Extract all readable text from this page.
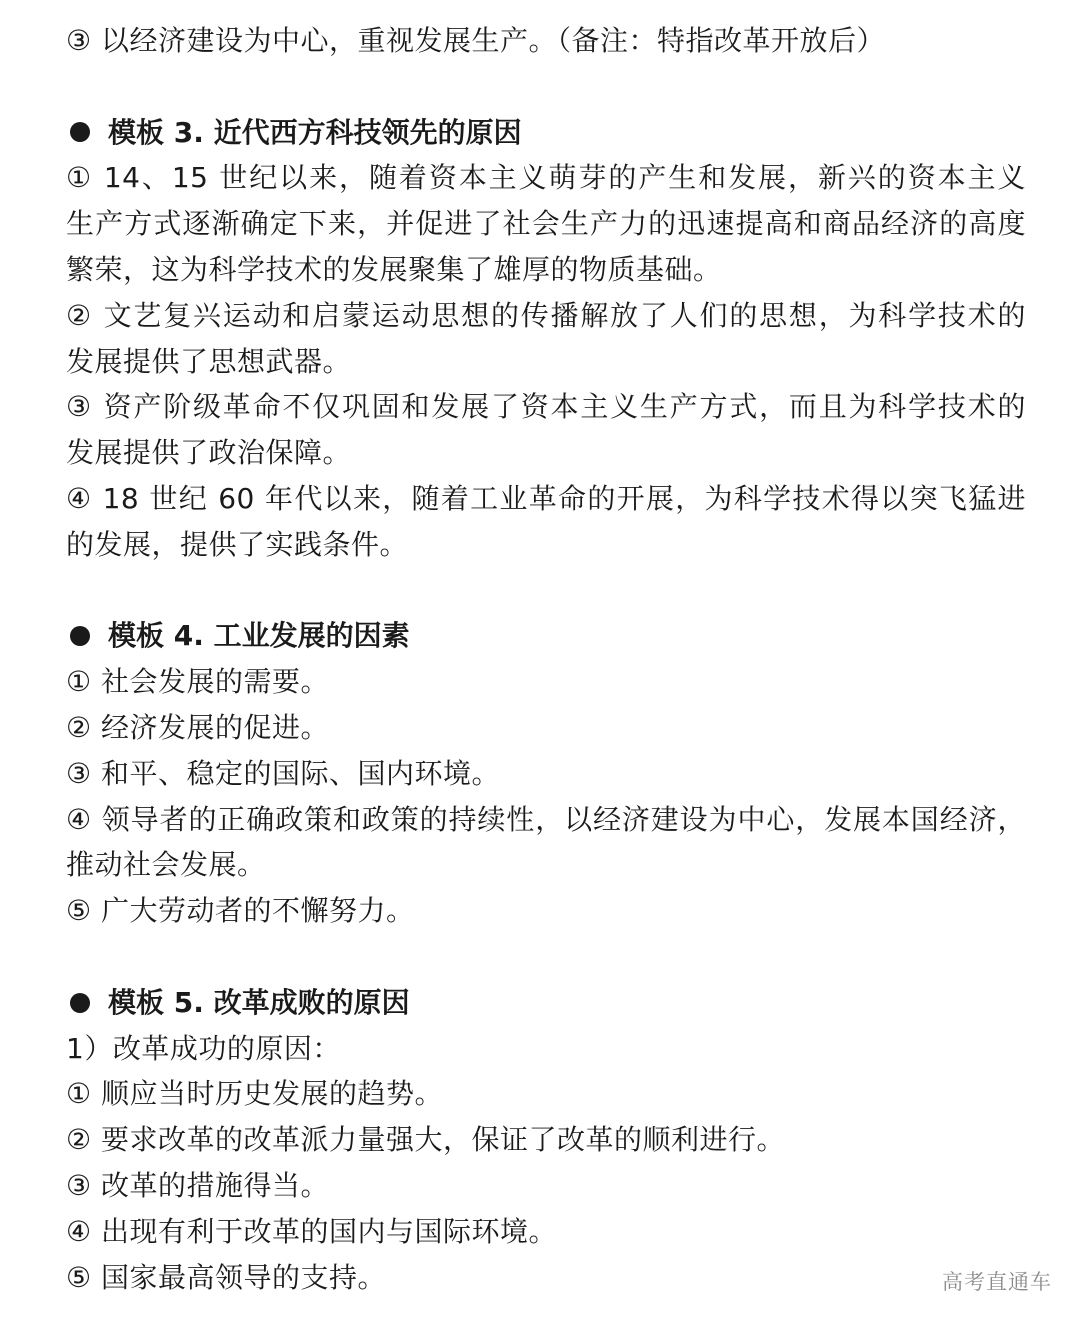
③ 以经济建设为中心，重视发展生产。（备注：特指改革开放后）
模板 3. 近代西方科技领先的原因
① 14、15 世纪以来，随着资本主义萌芽的产生和发展，新兴的资本主义
生产方式逐渐确定下来，并促进了社会生产力的迅速提高和商品经济的高度
繁荣，这为科学技术的发展聚集了雄厚的物质基础。
② 文艺复兴运动和启蒙运动思想的传播解放了人们的思想，为科学技术的
发展提供了思想武器。
③ 资产阶级革命不仅巩固和发展了资本主义生产方式，而且为科学技术的
发展提供了政治保障。
④ 18 世纪 60 年代以来，随着工业革命的开展，为科学技术得以突飞猛进
的发展，提供了实践条件。
模板 4. 工业发展的因素
① 社会发展的需要。
② 经济发展的促进。
③ 和平、稳定的国际、国内环境。
④ 领导者的正确政策和政策的持续性，以经济建设为中心，发展本国经济，
推动社会发展。
⑤ 广大劳动者的不懈努力。
模板 5. 改革成败的原因
1）改革成功的原因：
① 顺应当时历史发展的趋势。
② 要求改革的改革派力量强大，保证了改革的顺利进行。
③ 改革的措施得当。
④ 出现有利于改革的国内与国际环境。
⑤ 国家最高领导的支持。	高考直通车
